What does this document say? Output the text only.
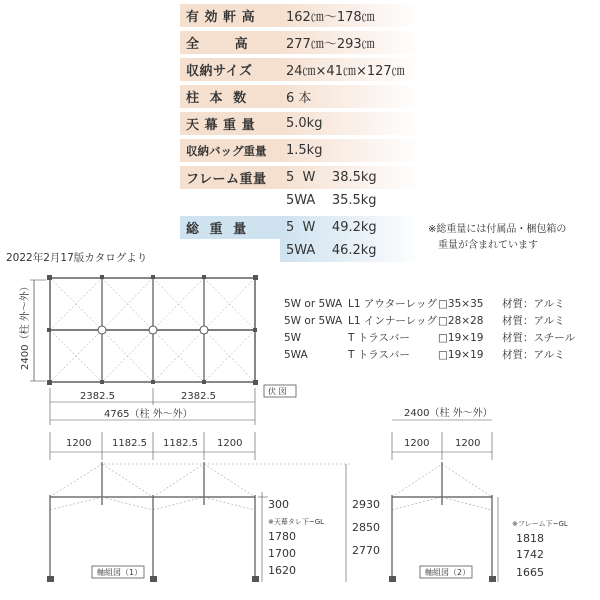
有 効 軒 高	162㎝～178㎝
全       高	277㎝～293㎝
収納サイズ	24㎝×41㎝×127㎝
柱  本  数	6 本
天 幕 重 量	5.0kg
収納バッグ重量	1.5kg
フレーム重量	5  W    38.5kg
5WA    35.5kg
総  重  量	5  W    49.2kg
5WA    46.2kg
※総重量には付属品・梱包箱の
重量が含まれています
2022年2月17版カタログより
2400（柱 外～外）
伏 図
2382.5	2382.5
4765（柱 外～外）
1200 1182.5 1182.5 1200
軸組図（1）
300
※天幕タレ下~GL
1780
1700
1620
2930
2850
2770
2400（柱 外～外）
1200	1200
軸組図（2）
※フレーム下~GL
1818
1742
1665
5W or 5WA L1 アウターレッグ □35×35	材質：アルミ
5W or 5WA L1 インナーレッグ □28×28	材質：アルミ
5W	T トラスバー	□19×19	材質：スチール
5WA	T トラスバー	□19×19	材質：アルミ
